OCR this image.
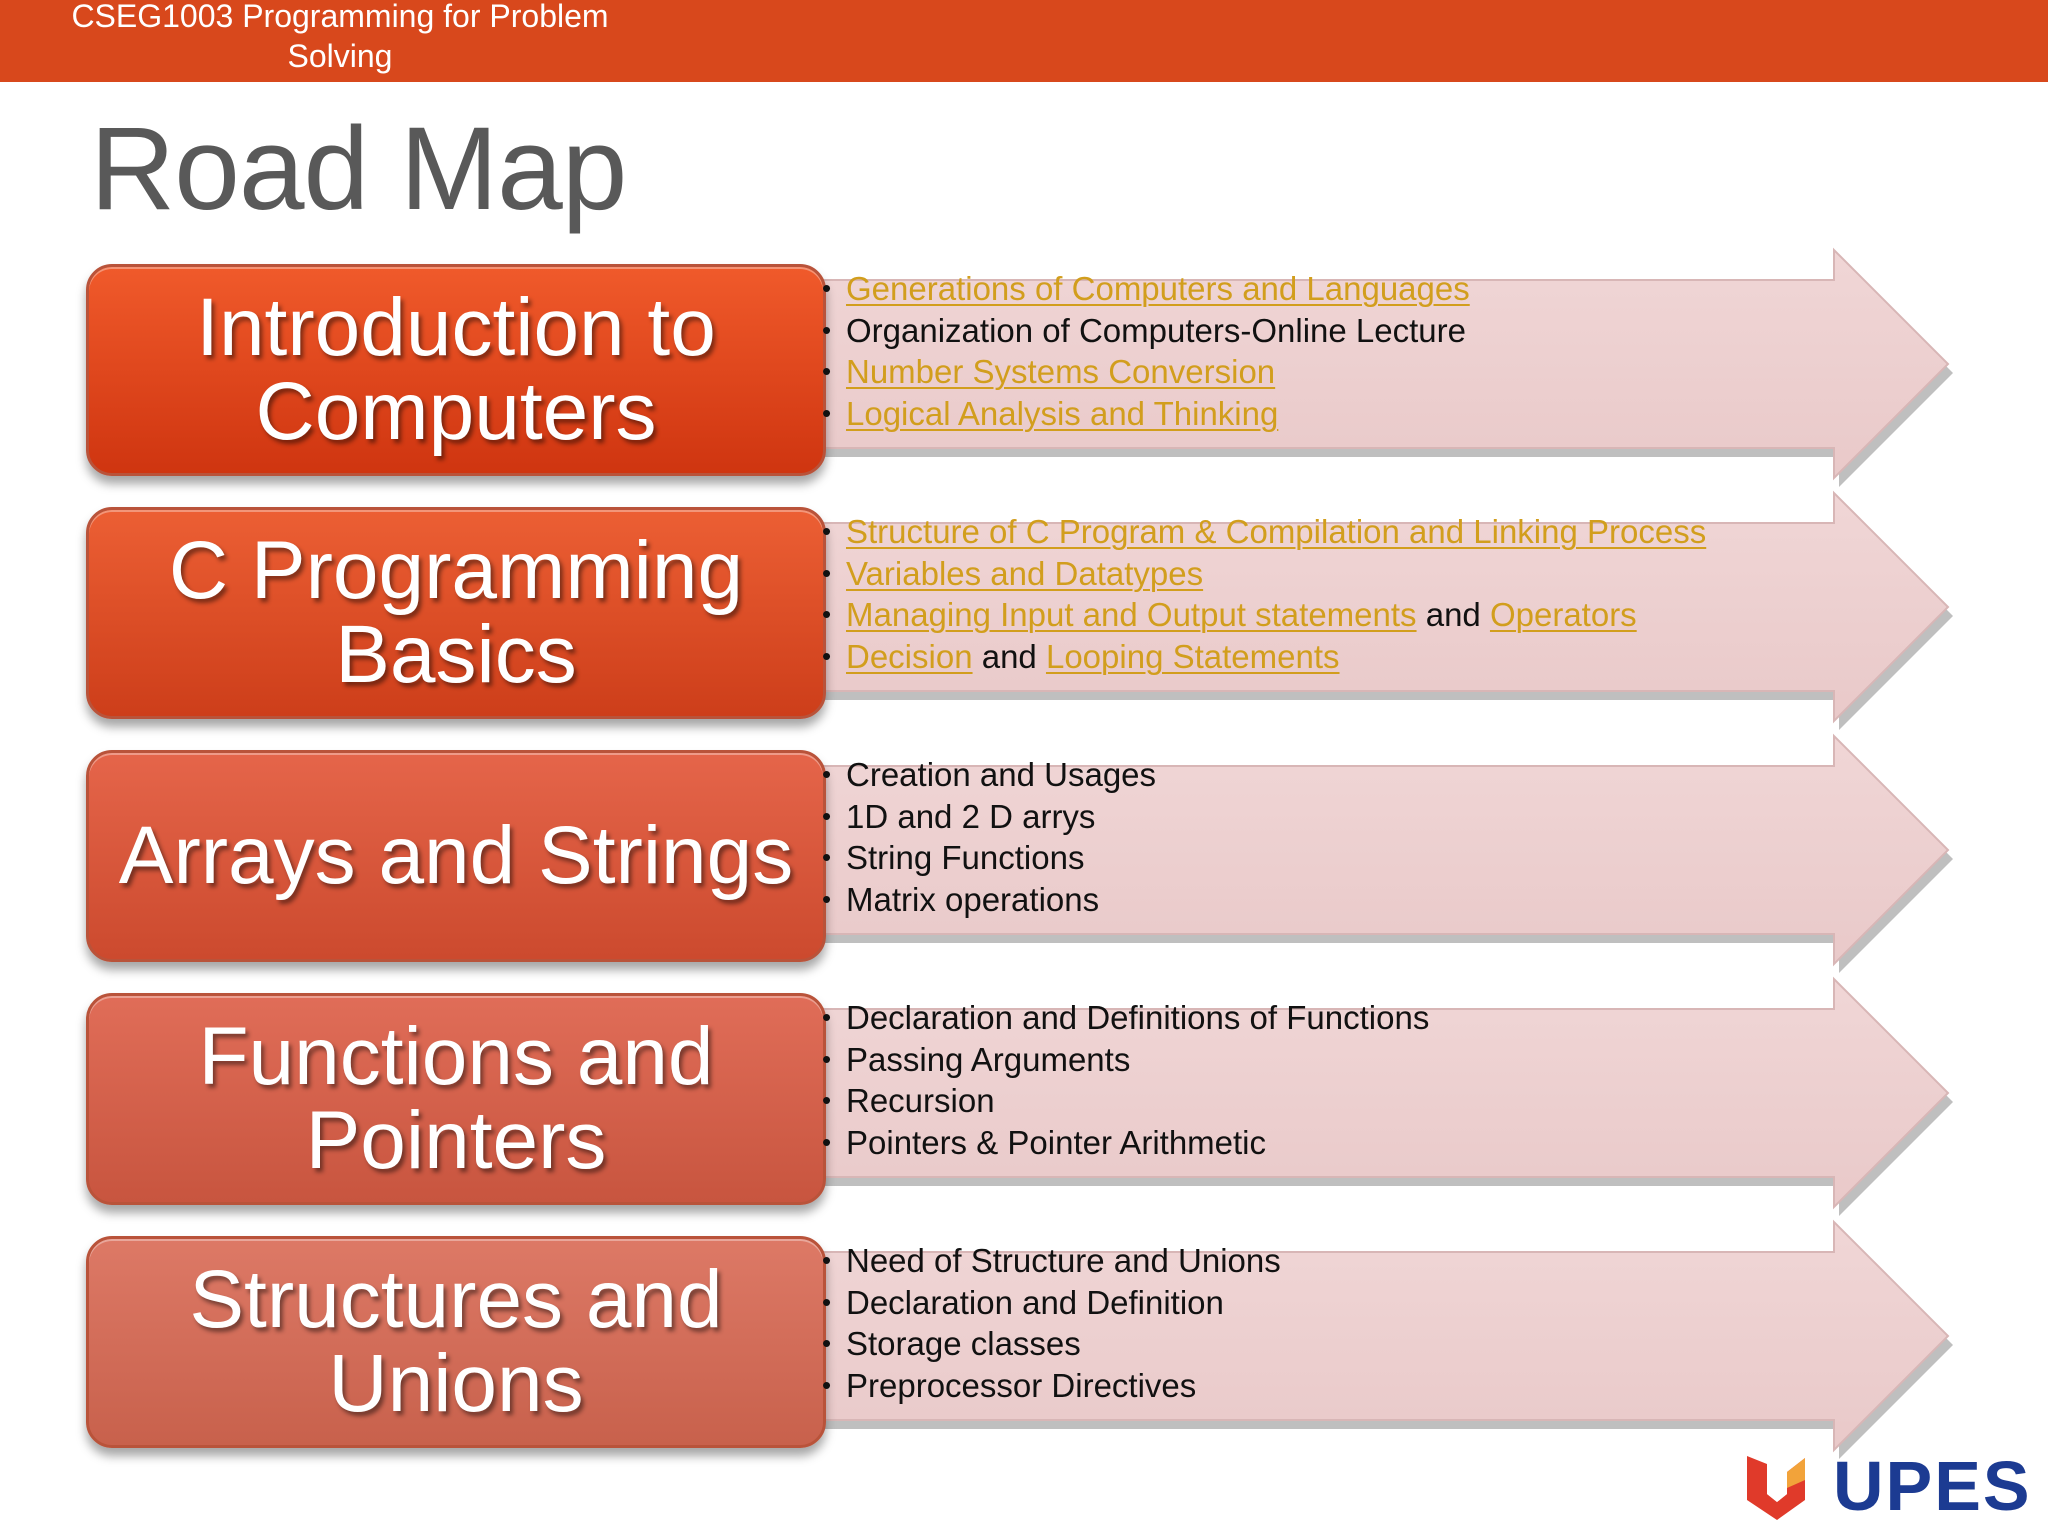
CSEG1003 Programming for Problem Solving
Road Map
Introduction to Computers
• Generations of Computers and Languages
• Organization of Computers-Online Lecture
• Number Systems Conversion
• Logical Analysis and Thinking
C Programming Basics
• Structure of C Program & Compilation and Linking Process
• Variables and Datatypes
• Managing Input and Output statements and Operators
• Decision and Looping Statements
Arrays and Strings
• Creation and Usages
• 1D and 2 D arrys
• String Functions
• Matrix operations
Functions and Pointers
• Declaration and Definitions of Functions
• Passing Arguments
• Recursion
• Pointers & Pointer Arithmetic
Structures and Unions
• Need of Structure and Unions
• Declaration and Definition
• Storage classes
• Preprocessor Directives
UPES
